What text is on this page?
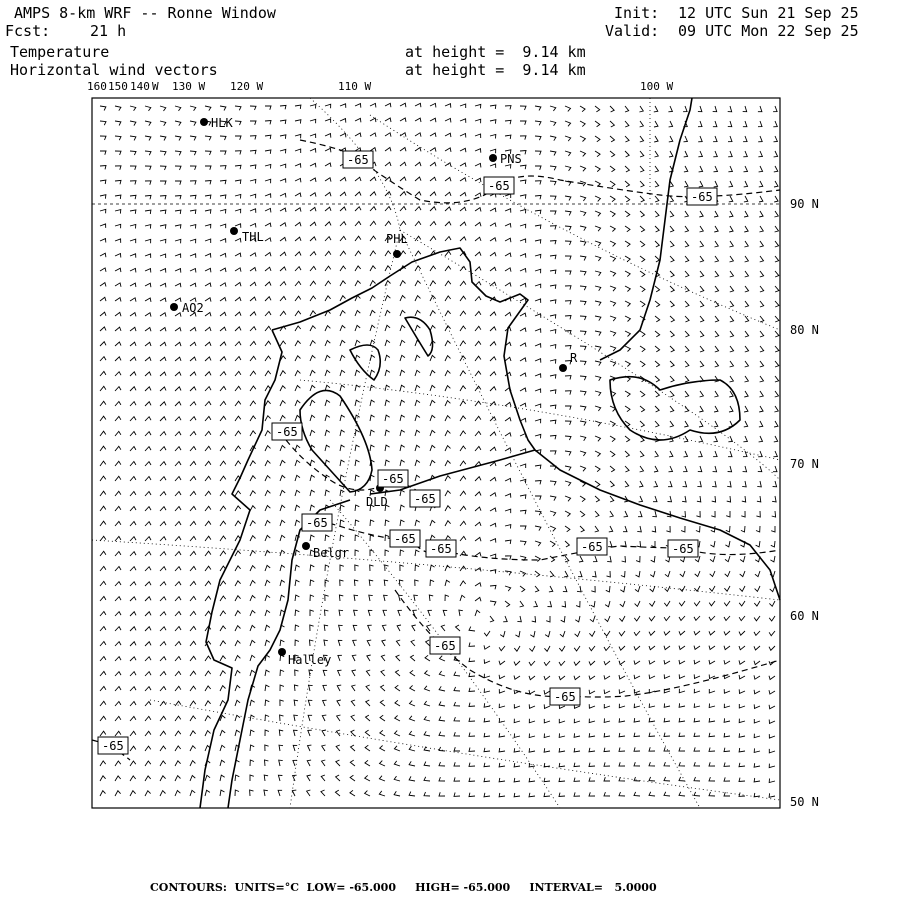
AMPS 8-km WRF -- Ronne Window	Init: 12 UTC Sun 21 Sep 25
Fcst:	21 h	Valid: 09 UTC Mon 22 Sep 25
Temperature
Horizontal wind vectors
at height =  9.14 km
at height =  9.14 km
160 150 140 W 130 W 120 W	110 W	100 W
90 N
80 N
70 N
60 N
50 N
HLK
PNS
THL	PHL
AQ2
R
DLD
Belgr
Halley
-65
-65
-65
-65
-65
-65
-65
-65
-65	-65	-65
-65
-65
-65
CONTOURS:  UNITS=°C  LOW= -65.000     HIGH= -65.000     INTERVAL=   5.0000
